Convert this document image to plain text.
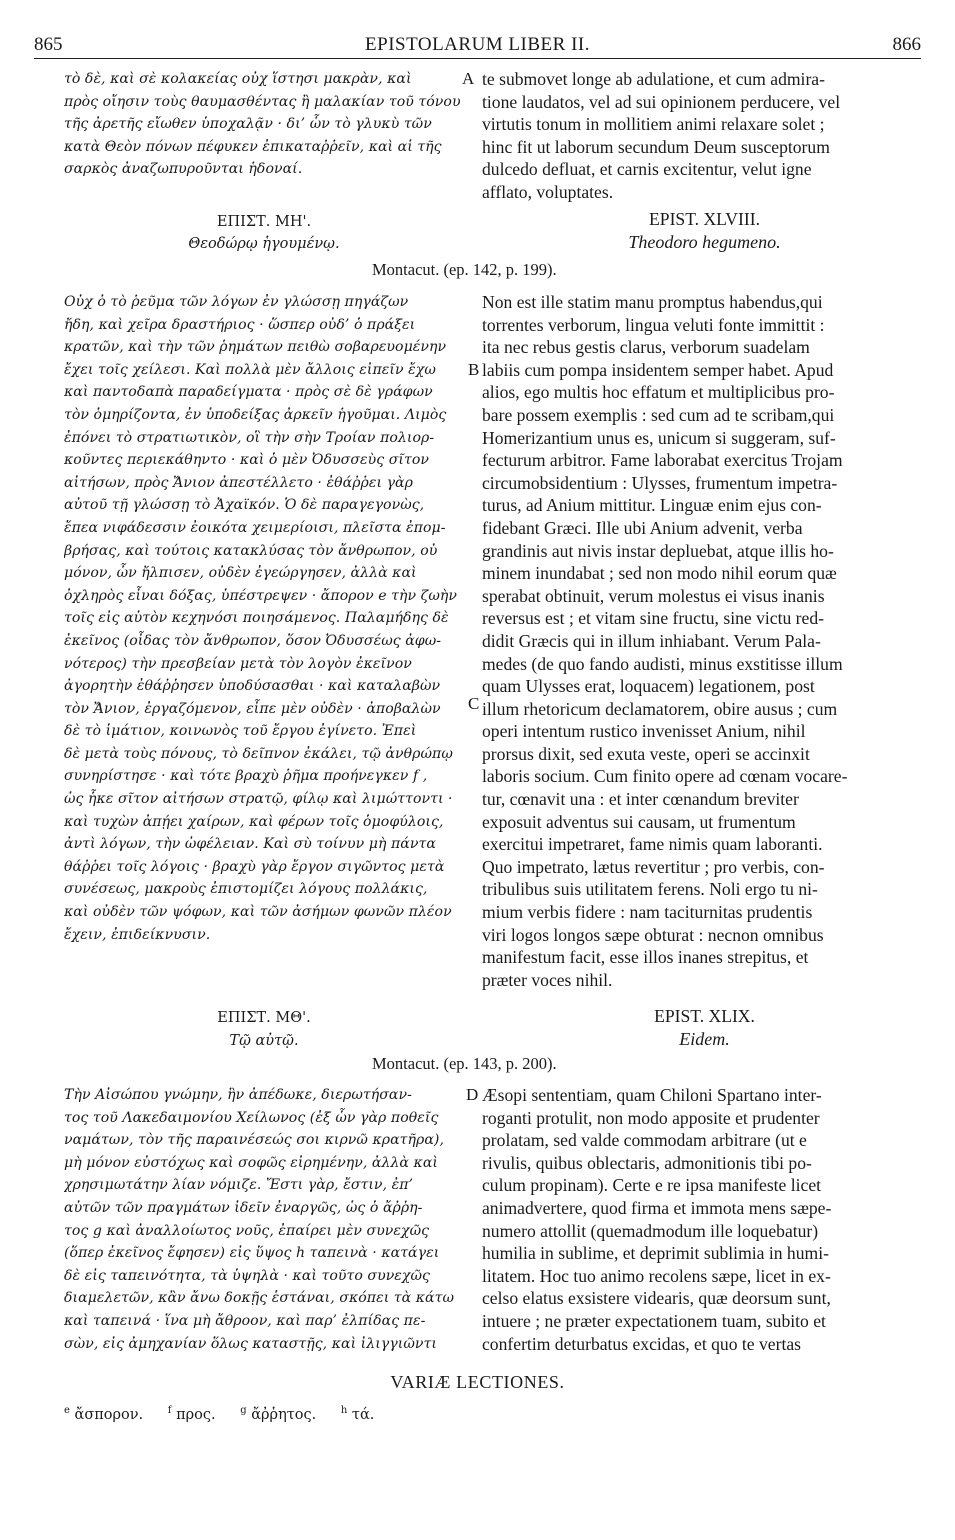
865	EPISTOLARUM LIBER II.	866
τὸ δὲ, καὶ σὲ κολακείας οὐχ ἵστησι μακρὰν, καὶ
πρὸς οἴησιν τοὺς θαυμασθέντας ἢ μαλακίαν τοῦ τόνου
τῆς ἀρετῆς εἴωθεν ὑποχαλᾷν · δι’ ὧν τὸ γλυκὺ τῶν
κατὰ Θεὸν πόνων πέφυκεν ἐπικαταῤῥεῖν, καὶ αἱ τῆς
σαρκὸς ἀναζωπυροῦνται ἡδοναί.
te submovet longe ab adulatione, et cum admira-
tione laudatos, vel ad sui opinionem perducere, vel
virtutis tonum in mollitiem animi relaxare solet ;
hinc fit ut laborum secundum Deum susceptorum
dulcedo defluat, et carnis excitentur, velut igne
afflato, voluptates.
A
ΕΠΙΣΤ. ΜΗ'.
Θεοδώρῳ ἡγουμένῳ.
EPIST. XLVIII.
Theodoro hegumeno.
Montacut. (ep. 142, p. 199).
Οὐχ ὁ τὸ ῥεῦμα τῶν λόγων ἐν γλώσσῃ πηγάζων
ἤδη, καὶ χεῖρα δραστήριος · ὥσπερ οὐδ’ ὁ πράξει
κρατῶν, καὶ τὴν τῶν ῥημάτων πειθὼ σοβαρευομένην
ἔχει τοῖς χείλεσι. Καὶ πολλὰ μὲν ἄλλοις εἰπεῖν ἔχω
καὶ παντοδαπὰ παραδείγματα · πρὸς σὲ δὲ γράφων
τὸν ὁμηρίζοντα, ἐν ὑποδείξας ἀρκεῖν ἡγοῦμαι. Λιμὸς
ἐπόνει τὸ στρατιωτικὸν, οἳ τὴν σὴν Τροίαν πολιορ-
κοῦντες περιεκάθηντο · καὶ ὁ μὲν Ὀδυσσεὺς σῖτον
αἰτήσων, πρὸς Ἄνιον ἀπεστέλλετο · ἐθάῤῥει γὰρ
αὐτοῦ τῇ γλώσσῃ τὸ Ἀχαϊκόν. Ὁ δὲ παραγεγονὼς,
ἔπεα νιφάδεσσιν ἐοικότα χειμερίοισι, πλεῖστα ἐπομ-
βρήσας, καὶ τούτοις κατακλύσας τὸν ἄνθρωπον, οὐ
μόνον, ὧν ἤλπισεν, οὐδὲν ἐγεώργησεν, ἀλλὰ καὶ
ὀχληρὸς εἶναι δόξας, ὑπέστρεψεν · ἄπορον e τὴν ζωὴν
τοῖς εἰς αὐτὸν κεχηνόσι ποιησάμενος. Παλαμήδης δὲ
ἐκεῖνος (οἶδας τὸν ἄνθρωπον, ὅσον Ὀδυσσέως ἀφω-
νότερος) τὴν πρεσβείαν μετὰ τὸν λογὸν ἐκεῖνον
ἀγορητὴν ἐθάῤῥησεν ὑποδύσασθαι · καὶ καταλαβὼν
τὸν Ἄνιον, ἐργαζόμενον, εἶπε μὲν οὐδὲν · ἀποβαλὼν
δὲ τὸ ἱμάτιον, κοινωνὸς τοῦ ἔργου ἐγίνετο. Ἐπεὶ
δὲ μετὰ τοὺς πόνους, τὸ δεῖπνον ἐκάλει, τῷ ἀνθρώπῳ
συνηρίστησε · καὶ τότε βραχὺ ῥῆμα προήνεγκεν f ,
ὡς ἧκε σῖτον αἰτήσων στρατῷ, φίλῳ καὶ λιμώττοντι ·
καὶ τυχὼν ἀπῄει χαίρων, καὶ φέρων τοῖς ὁμοφύλοις,
ἀντὶ λόγων, τὴν ὠφέλειαν. Καὶ σὺ τοίνυν μὴ πάντα
θάῤῥει τοῖς λόγοις · βραχὺ γὰρ ἔργον σιγῶντος μετὰ
συνέσεως, μακροὺς ἐπιστομίζει λόγους πολλάκις,
καὶ οὐδὲν τῶν ψόφων, καὶ τῶν ἀσήμων φωνῶν πλέον
ἔχειν, ἐπιδείκνυσιν.
Non est ille statim manu promptus habendus,qui
torrentes verborum, lingua veluti fonte immittit :
ita nec rebus gestis clarus, verborum suadelam
labiis cum pompa insidentem semper habet. Apud
alios, ego multis hoc effatum et multiplicibus pro-
bare possem exemplis : sed cum ad te scribam,qui
Homerizantium unus es, unicum si suggeram, suf-
fecturum arbitror. Fame laborabat exercitus Trojam
circumobsidentium : Ulysses, frumentum impetra-
turus, ad Anium mittitur. Linguæ enim ejus con-
fidebant Græci. Ille ubi Anium advenit, verba
grandinis aut nivis instar depluebat, atque illis ho-
minem inundabat ; sed non modo nihil eorum quæ
sperabat obtinuit, verum molestus ei visus inanis
reversus est ; et vitam sine fructu, sine victu red-
didit Græcis qui in illum inhiabant. Verum Pala-
medes (de quo fando audisti, minus exstitisse illum
quam Ulysses erat, loquacem) legationem, post
illum rhetoricum declamatorem, obire ausus ; cum
operi intentum rustico invenisset Anium, nihil
prorsus dixit, sed exuta veste, operi se accinxit
laboris socium. Cum finito opere ad cœnam vocare-
tur, cœnavit una : et inter cœnandum breviter
exposuit adventus sui causam, ut frumentum
exercitui impetraret, fame nimis quam laboranti.
Quo impetrato, lætus revertitur ; pro verbis, con-
tribulibus suis utilitatem ferens. Noli ergo tu ni-
mium verbis fidere : nam taciturnitas prudentis
viri logos longos sæpe obturat : necnon omnibus
manifestum facit, esse illos inanes strepitus, et
præter voces nihil.
B
C
ΕΠΙΣΤ. ΜΘ'.
Τῷ αὐτῷ.
EPIST. XLIX.
Eidem.
Montacut. (ep. 143, p. 200).
Τὴν Αἰσώπου γνώμην, ἣν ἀπέδωκε, διερωτήσαν-
τος τοῦ Λακεδαιμονίου Χείλωνος (ἐξ ὧν γὰρ ποθεῖς
ναμάτων, τὸν τῆς παραινέσεώς σοι κιρνῶ κρατῆρα),
μὴ μόνον εὐστόχως καὶ σοφῶς εἰρημένην, ἀλλὰ καὶ
χρησιμωτάτην λίαν νόμιζε. Ἔστι γὰρ, ἔστιν, ἐπ’
αὐτῶν τῶν πραγμάτων ἰδεῖν ἐναργῶς, ὡς ὁ ἄῤῥη-
τος g καὶ ἀναλλοίωτος νοῦς, ἐπαίρει μὲν συνεχῶς
(ὅπερ ἐκεῖνος ἔφησεν) εἰς ὕψος h ταπεινὰ · κατάγει
δὲ εἰς ταπεινότητα, τὰ ὑψηλὰ · καὶ τοῦτο συνεχῶς
διαμελετῶν, κἂν ἄνω δοκῇς ἑστάναι, σκόπει τὰ κάτω
καὶ ταπεινά · ἵνα μὴ ἄθροον, καὶ παρ’ ἐλπίδας πε-
σὼν, εἰς ἀμηχανίαν ὅλως καταστῇς, καὶ ἰλιγγιῶντι
Æsopi sententiam, quam Chiloni Spartano inter-
roganti protulit, non modo apposite et prudenter
prolatam, sed valde commodam arbitrare (ut e
rivulis, quibus oblectaris, admonitionis tibi po-
culum propinam). Certe e re ipsa manifeste licet
animadvertere, quod firma et immota mens sæpe-
numero attollit (quemadmodum ille loquebatur)
humilia in sublime, et deprimit sublimia in humi-
litatem. Hoc tuo animo recolens sæpe, licet in ex-
celso elatus exsistere videaris, quæ deorsum sunt,
intuere ; ne præter expectationem tuam, subito et
confertim deturbatus excidas, et quo te vertas
D
VARIÆ LECTIONES.
$^e$ ἄσπορον. $^f$ προς. $^g$ ἄῤῥητος. $^h$ τά.
